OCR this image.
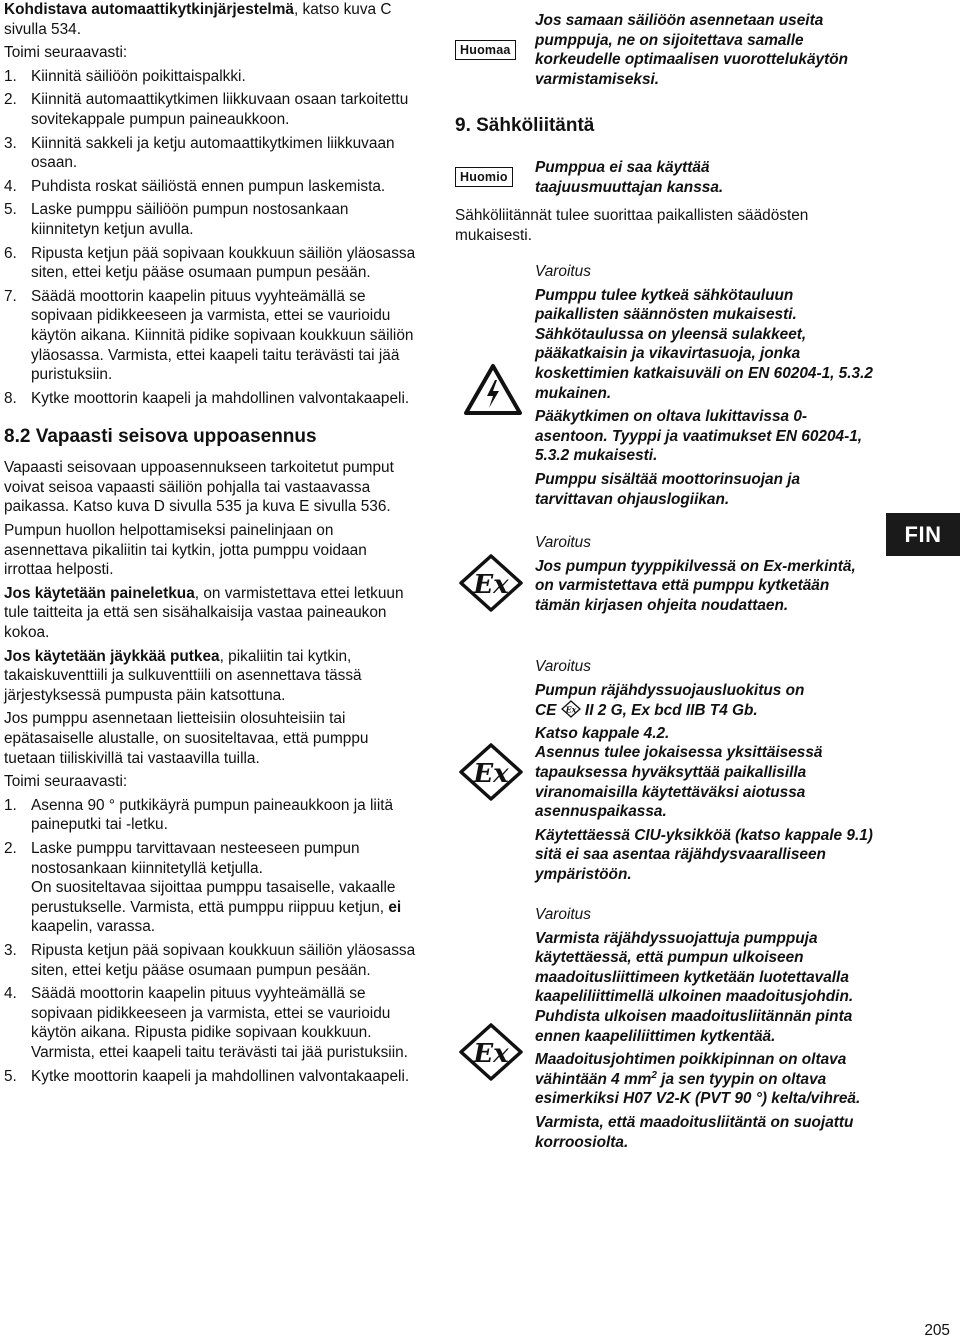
Kohdistava automaattikytkinjärjestelmä, katso kuva C sivulla 534.

Toimi seuraavasti:

1. Kiinnitä säiliöön poikittaispalkki.
2. Kiinnitä automaattikytkimen liikkuvaan osaan tarkoitettu sovitekappale pumpun paineaukkoon.
3. Kiinnitä sakkeli ja ketju automaattikytkimen liikkuvaan osaan.
4. Puhdista roskat säiliöstä ennen pumpun laskemista.
5. Laske pumppu säiliöön pumpun nostosankaan kiinnitetyn ketjun avulla.
6. Ripusta ketjun pää sopivaan koukkuun säiliön yläosassa siten, ettei ketju pääse osumaan pumpun pesään.
7. Säädä moottorin kaapelin pituus vyyhteämällä se sopivaan pidikkeeseen ja varmista, ettei se vaurioidu käytön aikana. Kiinnitä pidike sopivaan koukkuun säiliön yläosassa. Varmista, ettei kaapeli taitu terävästi tai jää puristuksiin.
8. Kytke moottorin kaapeli ja mahdollinen valvontakaapeli.
8.2 Vapaasti seisova uppoasennus

Vapaasti seisovaan uppoasennukseen tarkoitetut pumput voivat seisoa vapaasti säiliön pohjalla tai vastaavassa paikassa. Katso kuva D sivulla 535 ja kuva E sivulla 536.

Pumpun huollon helpottamiseksi painelinjaan on asennettava pikaliitin tai kytkin, jotta pumppu voidaan irrottaa helposti.

Jos käytetään paineletkua, on varmistettava ettei letkuun tule taitteita ja että sen sisähalkaisija vastaa paineaukon kokoa.

Jos käytetään jäykkää putkea, pikaliitin tai kytkin, takaiskuventtiili ja sulkuventtiili on asennettava tässä järjestyksessä pumpusta päin katsottuna.

Jos pumppu asennetaan lietteisiin olosuhteisiin tai epätasaiselle alustalle, on suositeltavaa, että pumppu tuetaan tiiliskivillä tai vastaavilla tuilla.

Toimi seuraavasti:

1. Asenna 90 ° putkikäyrä pumpun paineaukkoon ja liitä paineputki tai -letku.
2. Laske pumppu tarvittavaan nesteeseen pumpun nostosankaan kiinnitetyllä ketjulla.
On suositeltavaa sijoittaa pumppu tasaiselle, vakaalle perustukselle. Varmista, että pumppu riippuu ketjun, ei kaapelin, varassa.
3. Ripusta ketjun pää sopivaan koukkuun säiliön yläosassa siten, ettei ketju pääse osumaan pumpun pesään.
4. Säädä moottorin kaapelin pituus vyyhteämällä se sopivaan pidikkeeseen ja varmista, ettei se vaurioidu käytön aikana. Ripusta pidike sopivaan koukkuun. Varmista, ettei kaapeli taitu terävästi tai jää puristuksiin.
5. Kytke moottorin kaapeli ja mahdollinen valvontakaapeli.
Huomaa

Jos samaan säiliöön asennetaan useita pumppuja, ne on sijoitettava samalle korkeudelle optimaalisen vuorottelukäytön varmistamiseksi.

9. Sähköliitäntä
Huomio

Pumppua ei saa käyttää taajuusmuuttajan kanssa.

Sähköliitännät tulee suorittaa paikallisten säädösten mukaisesti.

Varoitus

Pumppu tulee kytkeä sähkötauluun paikallisten säännösten mukaisesti. Sähkötaulussa on yleensä sulakkeet, pääkatkaisin ja vikavirtasuoja, jonka koskettimien katkaisuväli on EN 60204-1, 5.3.2 mukainen.

Pääkytkimen on oltava lukittavissa 0-asentoon. Tyyppi ja vaatimukset EN 60204-1, 5.3.2 mukaisesti.

Pumppu sisältää moottorinsuojan ja tarvittavan ohjauslogiikan.

Ex

Varoitus

Jos pumpun tyyppikilvessä on Ex-merkintä, on varmistettava että pumppu kytketään tämän kirjasen ohjeita noudattaen.

Ex

Varoitus

Pumpun räjähdyssuojausluokitus on

CE Ex II 2 G, Ex bcd IIB T4 Gb.

Katso kappale 4.2.

Asennus tulee jokaisessa yksittäisessä tapauksessa hyväksyttää paikallisilla viranomaisilla käytettäväksi aiotussa asennuspaikassa.

Käytettäessä CIU-yksikköä (katso kappale 9.1) sitä ei saa asentaa räjähdysvaaralliseen ympäristöön.

Ex

Varoitus

Varmista räjähdyssuojattuja pumppuja käytettäessä, että pumpun ulkoiseen maadoitusliittimeen kytketään luotettavalla kaapeliliittimellä ulkoinen maadoitusjohdin. Puhdista ulkoisen maadoitusliitännän pinta ennen kaapeliliittimen kytkentää.

Maadoitusjohtimen poikkipinnan on oltava vähintään 4 $mm^2$ ja sen tyypin on oltava esimerkiksi H07 V2-K (PVT 90 °) kelta/vihreä.

Varmista, että maadoitusliitäntä on suojattu korroosiolta.

FIN
205
